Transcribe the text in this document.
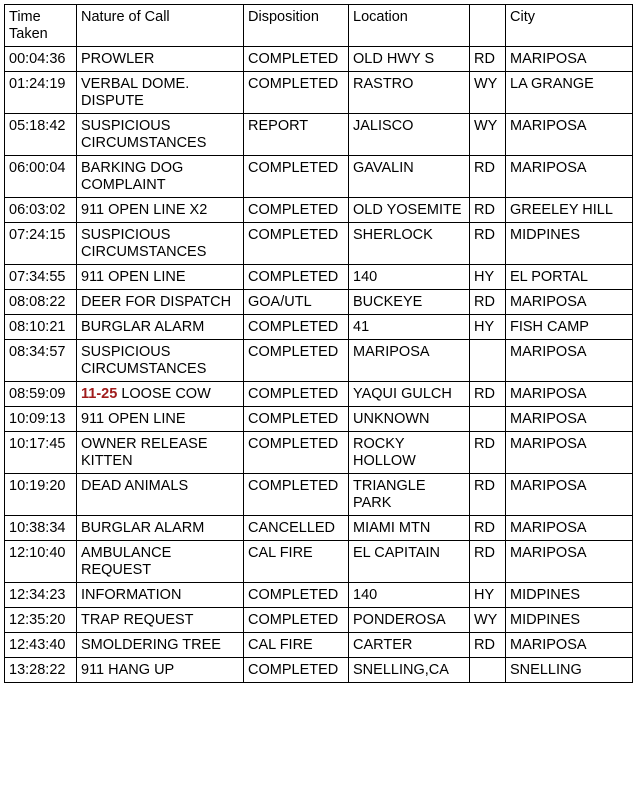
Time Taken	Nature of Call	Disposition	Location		City
00:04:36	PROWLER	COMPLETED	OLD HWY S	RD	MARIPOSA
01:24:19	VERBAL DOME. DISPUTE	COMPLETED	RASTRO	WY	LA GRANGE
05:18:42	SUSPICIOUS CIRCUMSTANCES	REPORT	JALISCO	WY	MARIPOSA
06:00:04	BARKING DOG COMPLAINT	COMPLETED	GAVALIN	RD	MARIPOSA
06:03:02	911 OPEN LINE X2	COMPLETED	OLD YOSEMITE	RD	GREELEY HILL
07:24:15	SUSPICIOUS CIRCUMSTANCES	COMPLETED	SHERLOCK	RD	MIDPINES
07:34:55	911 OPEN LINE	COMPLETED	140	HY	EL PORTAL
08:08:22	DEER FOR DISPATCH	GOA/UTL	BUCKEYE	RD	MARIPOSA
08:10:21	BURGLAR ALARM	COMPLETED	41	HY	FISH CAMP
08:34:57	SUSPICIOUS CIRCUMSTANCES	COMPLETED	MARIPOSA		MARIPOSA
08:59:09	11-25 LOOSE COW	COMPLETED	YAQUI GULCH	RD	MARIPOSA
10:09:13	911 OPEN LINE	COMPLETED	UNKNOWN		MARIPOSA
10:17:45	OWNER RELEASE KITTEN	COMPLETED	ROCKY HOLLOW	RD	MARIPOSA
10:19:20	DEAD ANIMALS	COMPLETED	TRIANGLE PARK	RD	MARIPOSA
10:38:34	BURGLAR ALARM	CANCELLED	MIAMI MTN	RD	MARIPOSA
12:10:40	AMBULANCE REQUEST	CAL FIRE	EL CAPITAIN	RD	MARIPOSA
12:34:23	INFORMATION	COMPLETED	140	HY	MIDPINES
12:35:20	TRAP REQUEST	COMPLETED	PONDEROSA	WY	MIDPINES
12:43:40	SMOLDERING TREE	CAL FIRE	CARTER	RD	MARIPOSA
13:28:22	911 HANG UP	COMPLETED	SNELLING,CA		SNELLING
